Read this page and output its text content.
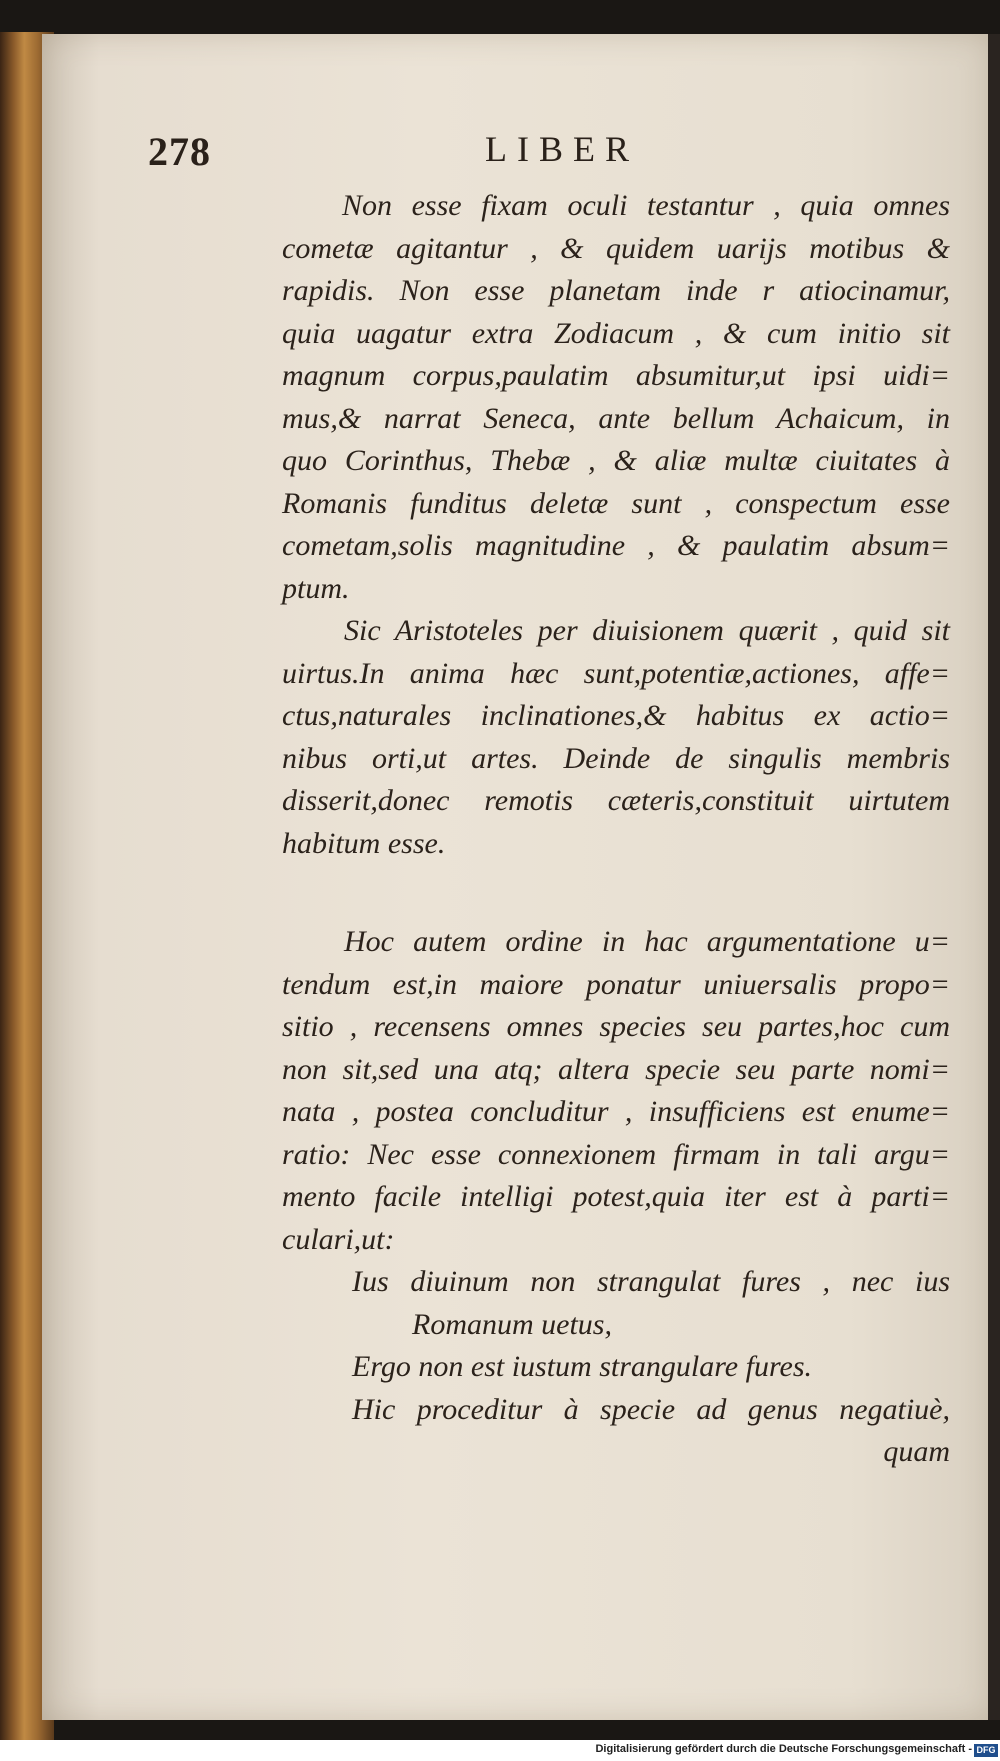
278	LIBER
Non esse fixam oculi testantur , quia omnes
cometæ agitantur , & quidem uarijs motibus &
rapidis. Non esse planetam inde r atiocinamur,
quia uagatur extra Zodiacum , & cum initio sit
magnum corpus,paulatim absumitur,ut ipsi uidi=
mus,& narrat Seneca, ante bellum Achaicum, in
quo Corinthus, Thebæ , & aliæ multæ ciuitates à
Romanis funditus deletæ sunt , conspectum esse
cometam,solis magnitudine , & paulatim absum=
ptum.
Sic Aristoteles per diuisionem quærit , quid sit
uirtus.In anima hæc sunt,potentiæ,actiones, affe=
ctus,naturales inclinationes,& habitus ex actio=
nibus orti,ut artes. Deinde de singulis membris
disserit,donec remotis cæteris,constituit uirtutem
habitum esse.
Hoc autem ordine in hac argumentatione u=
tendum est,in maiore ponatur uniuersalis propo=
sitio , recensens omnes species seu partes,hoc cum
non sit,sed una atq; altera specie seu parte nomi=
nata , postea concluditur , insufficiens est enume=
ratio: Nec esse connexionem firmam in tali argu=
mento facile intelligi potest,quia iter est à parti=
culari,ut:
Ius diuinum non strangulat fures , nec ius
Romanum uetus,
Ergo non est iustum strangulare fures.
Hic proceditur à specie ad genus negatiuè,
quam
Digitalisierung gefördert durch die Deutsche Forschungsgemeinschaft - DFG
